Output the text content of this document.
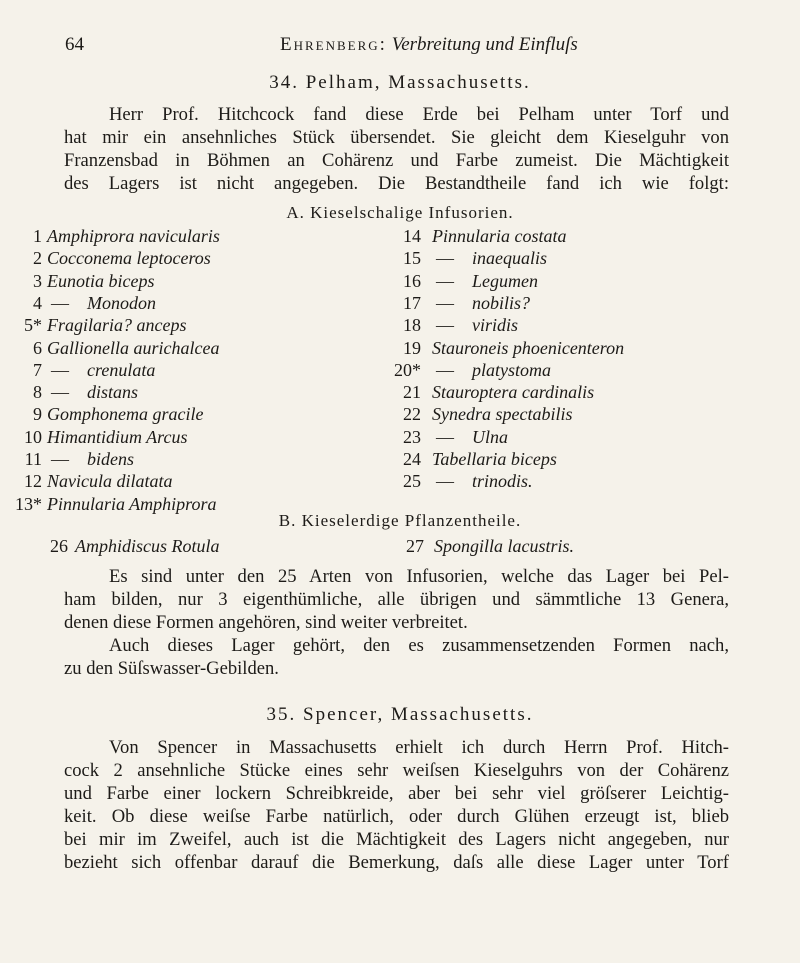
64	Ehrenberg: Verbreitung und Einfluſs
34. Pelham, Massachusetts.
Herr Prof. Hitchcock fand diese Erde bei Pelham unter Torf und
hat mir ein ansehnliches Stück übersendet. Sie gleicht dem Kieselguhr von
Franzensbad in Böhmen an Cohärenz und Farbe zumeist. Die Mächtigkeit
des Lagers ist nicht angegeben. Die Bestandtheile fand ich wie folgt:
A. Kieselschalige Infusorien.
1 Amphiprora navicularis
2 Cocconema leptoceros
3 Eunotia biceps
4 — Monodon
5* Fragilaria? anceps
6 Gallionella aurichalcea
7 — crenulata
8 — distans
9 Gomphonema gracile
10 Himantidium Arcus
11 — bidens
12 Navicula dilatata
13* Pinnularia Amphiprora
14 Pinnularia costata
15 — inaequalis
16 — Legumen
17 — nobilis?
18 — viridis
19 Stauroneis phoenicenteron
20* — platystoma
21 Stauroptera cardinalis
22 Synedra spectabilis
23 — Ulna
24 Tabellaria biceps
25 — trinodis.
B. Kieselerdige Pflanzentheile.
26 Amphidiscus Rotula	27 Spongilla lacustris.
Es sind unter den 25 Arten von Infusorien, welche das Lager bei Pel-
ham bilden, nur 3 eigenthümliche, alle übrigen und sämmtliche 13 Genera,
denen diese Formen angehören, sind weiter verbreitet.
Auch dieses Lager gehört, den es zusammensetzenden Formen nach,
zu den Süſswasser-Gebilden.
35. Spencer, Massachusetts.
Von Spencer in Massachusetts erhielt ich durch Herrn Prof. Hitch-
cock 2 ansehnliche Stücke eines sehr weiſsen Kieselguhrs von der Cohärenz
und Farbe einer lockern Schreibkreide, aber bei sehr viel gröſserer Leichtig-
keit. Ob diese weiſse Farbe natürlich, oder durch Glühen erzeugt ist, blieb
bei mir im Zweifel, auch ist die Mächtigkeit des Lagers nicht angegeben, nur
bezieht sich offenbar darauf die Bemerkung, daſs alle diese Lager unter Torf
